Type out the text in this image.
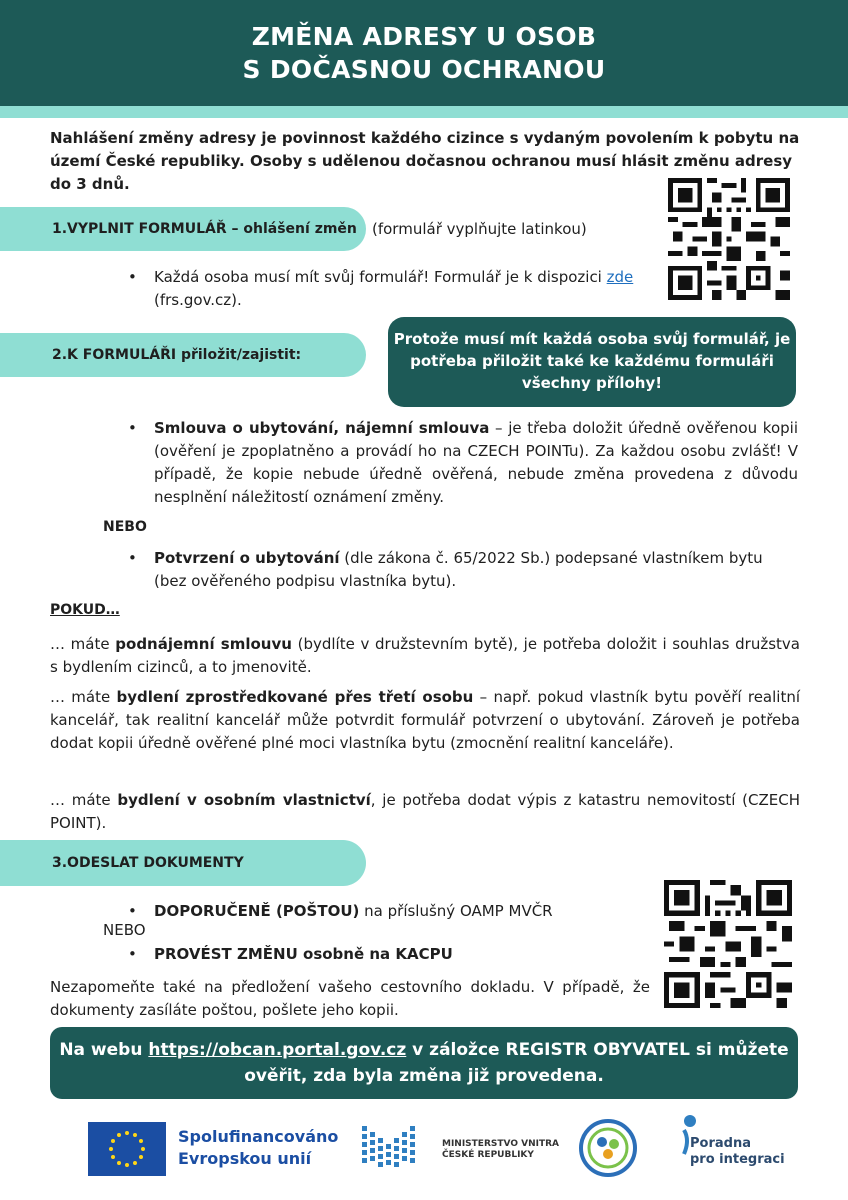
ZMĚNA ADRESY U OSOB
S DOČASNOU OCHRANOU

Nahlášení změny adresy je povinnost každého cizince s vydaným povolením k pobytu na území České republiky. Osoby s udělenou dočasnou ochranou musí hlásit změnu adresy do 3 dnů.

1.VYPLNIT FORMULÁŘ – ohlášení změn	(formulář vyplňujte latinkou)
• Každá osoba musí mít svůj formulář! Formulář je k dispozici zde
(frs.gov.cz).
2.K FORMULÁŘI přiložit/zajistit:
Protože musí mít každá osoba svůj formulář, je potřeba přiložit také ke každému formuláři všechny přílohy!
• Smlouva o ubytování, nájemní smlouva – je třeba doložit úředně ověřenou kopii (ověření je zpoplatněno a provádí ho na CZECH POINTu). Za každou osobu zvlášť! V případě, že kopie nebude úředně ověřená, nebude změna provedena z důvodu nesplnění náležitostí oznámení změny.
NEBO
• Potvrzení o ubytování (dle zákona č. 65/2022 Sb.) podepsané vlastníkem bytu (bez ověřeného podpisu vlastníka bytu).
POKUD…

… máte podnájemní smlouvu (bydlíte v družstevním bytě), je potřeba doložit i souhlas družstva s bydlením cizinců, a to jmenovitě.

… máte bydlení zprostředkované přes třetí osobu – např. pokud vlastník bytu pověří realitní kancelář, tak realitní kancelář může potvrdit formulář potvrzení o ubytování. Zároveň je potřeba dodat kopii úředně ověřené plné moci vlastníka bytu (zmocnění realitní kanceláře).

… máte bydlení v osobním vlastnictví, je potřeba dodat výpis z katastru nemovitostí (CZECH POINT).

3.ODESLAT DOKUMENTY
• DOPORUČENĚ (POŠTOU) na příslušný OAMP MVČR
NEBO
• PROVÉST ZMĚNU osobně na KACPU

Nezapomeňte také na předložení vašeho cestovního dokladu. V případě, že dokumenty zasíláte poštou, pošlete jeho kopii.

Na webu https://obcan.portal.gov.cz v záložce REGISTR OBYVATEL si můžete ověřit, zda byla změna již provedena.
Spolufinancováno
Evropskou unií
MINISTERSTVO VNITRA
ČESKÉ REPUBLIKY
Poradna
pro integraci
